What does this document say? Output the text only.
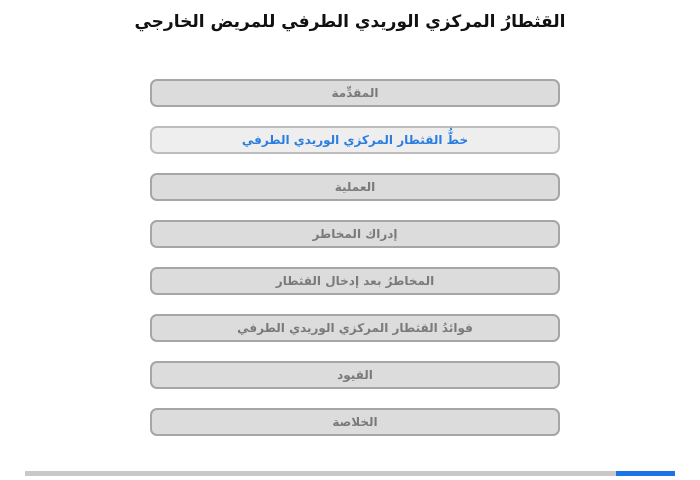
القثطارُ المركزي الوريدي الطرفي للمريض الخارجي
المقدِّمة
خطُّ القثطار المركزي الوريدي الطرفي
العملية
إدراك المخاطر
المخاطرُ بعد إدخال القثطار
فوائدُ القثطار المركزي الوريدي الطرفي
القيود
الخلاصة
